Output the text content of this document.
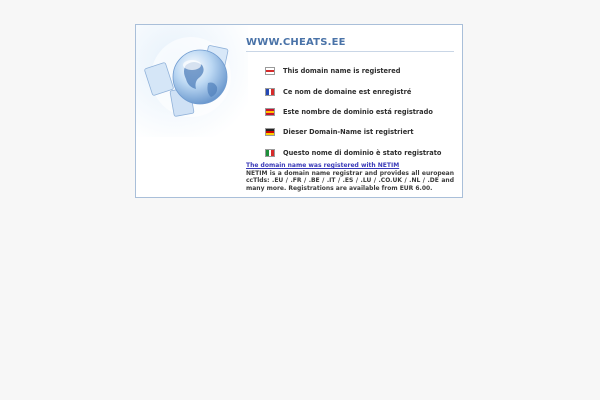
WWW.CHEATS.EE
This domain name is registered
Ce nom de domaine est enregistré
Este nombre de dominio está registrado
Dieser Domain-Name ist registriert
Questo nome di dominio è stato registrato
The domain name was registered with NETIM

NETIM is a domain name registrar and provides all european ccTlds: .EU / .FR / .BE / .IT / .ES / .LU / .CO.UK / .NL / .DE and many more. Registrations are available from EUR 6.00.
